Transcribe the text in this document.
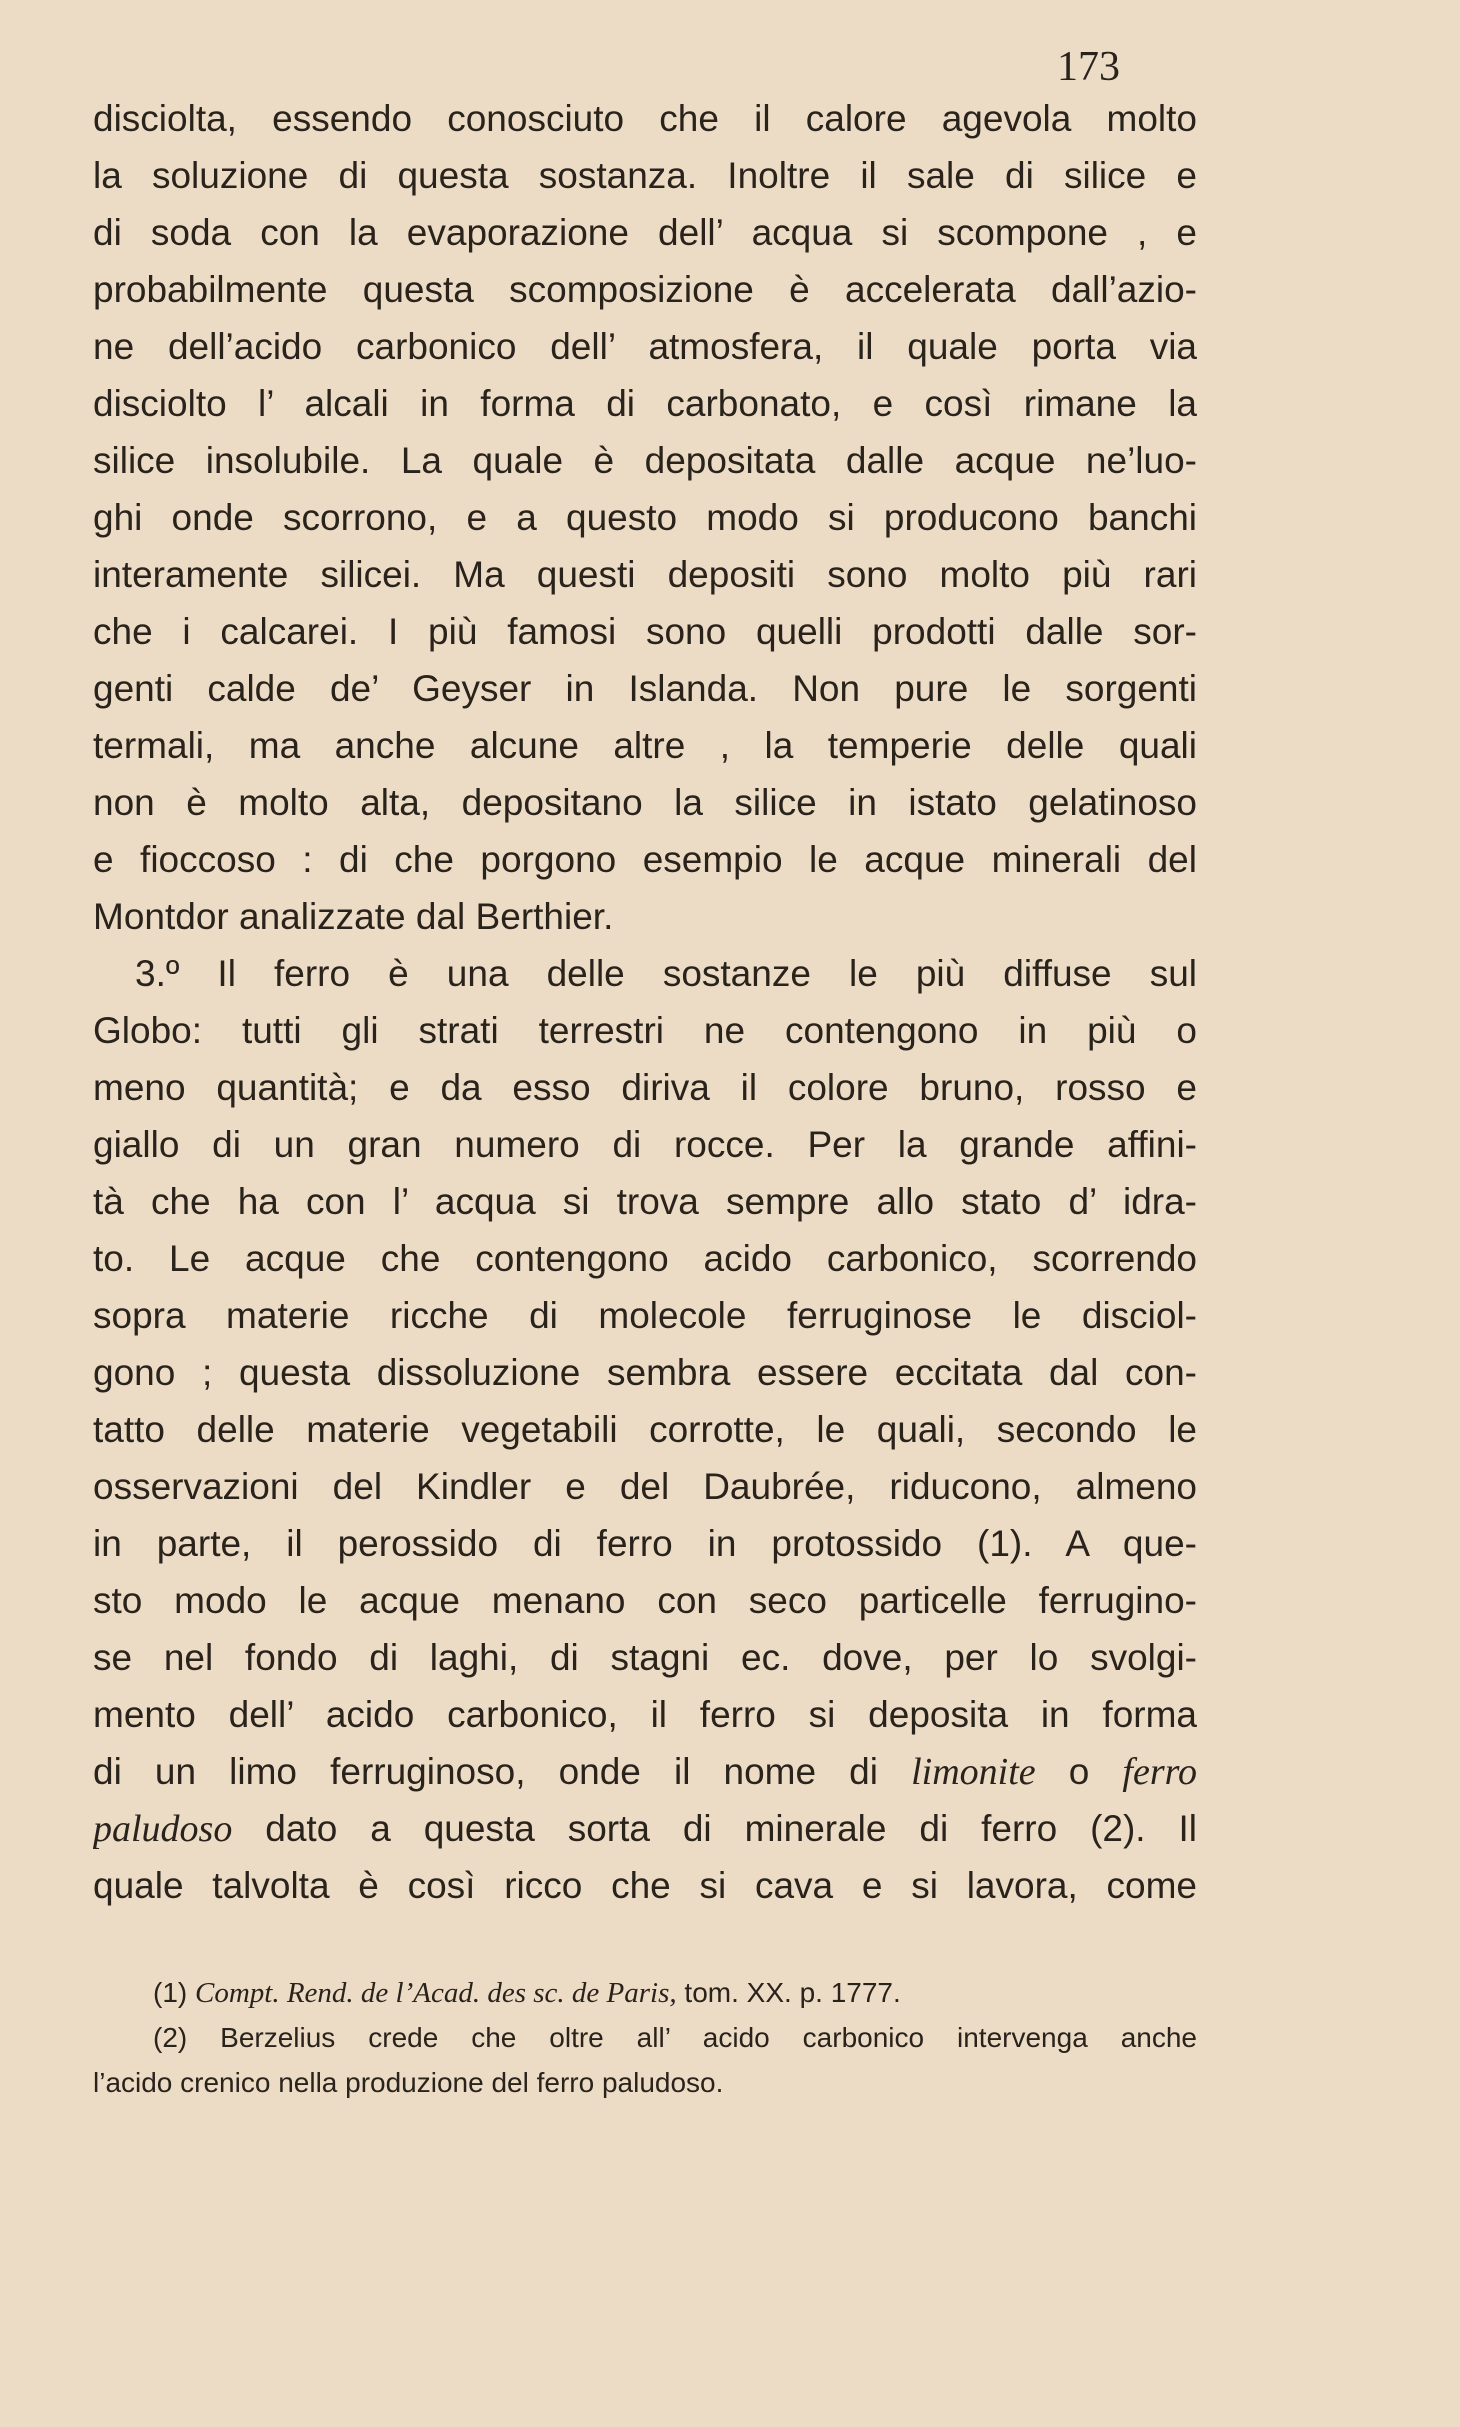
173
disciolta, essendo conosciuto che il calore agevola molto
la soluzione di questa sostanza. Inoltre il sale di silice e
di soda con la evaporazione dell’ acqua si scompone , e
probabilmente questa scomposizione è accelerata dall’azio-
ne dell’acido carbonico dell’ atmosfera, il quale porta via
disciolto l’ alcali in forma di carbonato, e così rimane la
silice insolubile. La quale è depositata dalle acque ne’luo-
ghi onde scorrono, e a questo modo si producono banchi
interamente silicei. Ma questi depositi sono molto più rari
che i calcarei. I più famosi sono quelli prodotti dalle sor-
genti calde de’ Geyser in Islanda. Non pure le sorgenti
termali, ma anche alcune altre , la temperie delle quali
non è molto alta, depositano la silice in istato gelatinoso
e fioccoso : di che porgono esempio le acque minerali del
Montdor analizzate dal Berthier.
3.º Il ferro è una delle sostanze le più diffuse sul
Globo: tutti gli strati terrestri ne contengono in più o
meno quantità; e da esso diriva il colore bruno, rosso e
giallo di un gran numero di rocce. Per la grande affini-
tà che ha con l’ acqua si trova sempre allo stato d’ idra-
to. Le acque che contengono acido carbonico, scorrendo
sopra materie ricche di molecole ferruginose le disciol-
gono ; questa dissoluzione sembra essere eccitata dal con-
tatto delle materie vegetabili corrotte, le quali, secondo le
osservazioni del Kindler e del Daubrée, riducono, almeno
in parte, il perossido di ferro in protossido (1). A que-
sto modo le acque menano con seco particelle ferrugino-
se nel fondo di laghi, di stagni ec. dove, per lo svolgi-
mento dell’ acido carbonico, il ferro si deposita in forma
di un limo ferruginoso, onde il nome di limonite o ferro
paludoso dato a questa sorta di minerale di ferro (2). Il
quale talvolta è così ricco che si cava e si lavora, come
(1) Compt. Rend. de l’Acad. des sc. de Paris, tom. XX. p. 1777.
(2) Berzelius crede che oltre all’ acido carbonico intervenga anche
l’acido crenico nella produzione del ferro paludoso.
